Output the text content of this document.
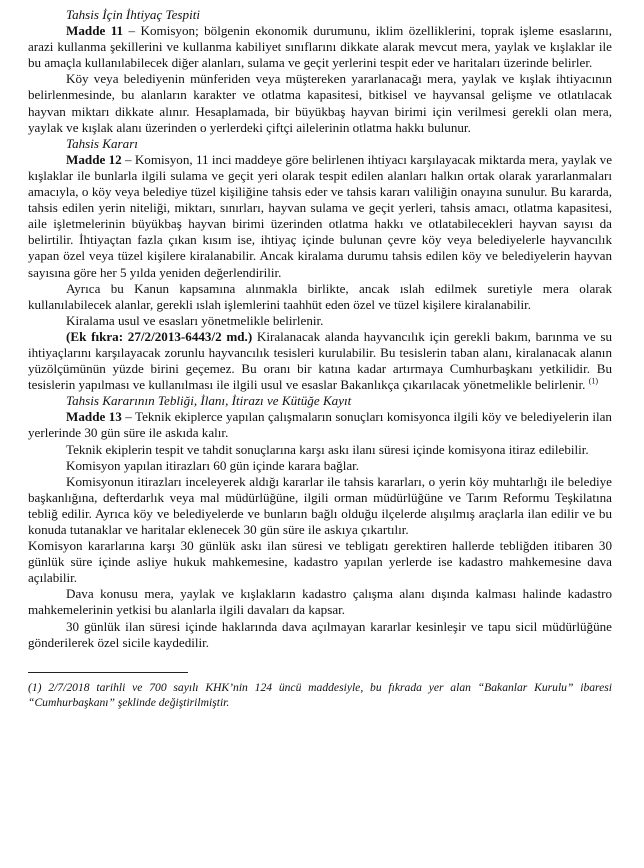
Tahsis İçin İhtiyaç Tespiti

Madde 11 – Komisyon; bölgenin ekonomik durumunu, iklim özelliklerini, toprak işleme esaslarını, arazi kullanma şekillerini ve kullanma kabiliyet sınıflarını dikkate alarak mevcut mera, yaylak ve kışlaklar ile bu amaçla kullanılabilecek diğer alanları, sulama ve geçit yerlerini tespit eder ve haritaları üzerinde belirler.

Köy veya belediyenin münferiden veya müştereken yararlanacağı mera, yaylak ve kışlak ihtiyacının belirlenmesinde, bu alanların karakter ve otlatma kapasitesi, bitkisel ve hayvansal gelişme ve otlatılacak hayvan miktarı dikkate alınır. Hesaplamada, bir büyükbaş hayvan birimi için verilmesi gerekli olan mera, yaylak ve kışlak alanı üzerinden o yerlerdeki çiftçi ailelerinin otlatma hakkı bulunur.

Tahsis Kararı

Madde 12 – Komisyon, 11 inci maddeye göre belirlenen ihtiyacı karşılayacak miktarda mera, yaylak ve kışlaklar ile bunlarla ilgili sulama ve geçit yeri olarak tespit edilen alanları halkın ortak olarak yararlanmaları amacıyla, o köy veya belediye tüzel kişiliğine tahsis eder ve tahsis kararı valiliğin onayına sunulur. Bu kararda, tahsis edilen yerin niteliği, miktarı, sınırları, hayvan sulama ve geçit yerleri, tahsis amacı, otlatma kapasitesi, aile işletmelerinin büyükbaş hayvan birimi üzerinden otlatma hakkı ve otlatabilecekleri hayvan sayısı da belirtilir. İhtiyaçtan fazla çıkan kısım ise, ihtiyaç içinde bulunan çevre köy veya belediyelerle hayvancılık yapan özel veya tüzel kişilere kiralanabilir. Ancak kiralama durumu tahsis edilen köy ve belediyelerin hayvan sayısına göre her 5 yılda yeniden değerlendirilir.

Ayrıca bu Kanun kapsamına alınmakla birlikte, ancak ıslah edilmek suretiyle mera olarak kullanılabilecek alanlar, gerekli ıslah işlemlerini taahhüt eden özel ve tüzel kişilere kiralanabilir.

Kiralama usul ve esasları yönetmelikle belirlenir.

(Ek fıkra: 27/2/2013-6443/2 md.) Kiralanacak alanda hayvancılık için gerekli bakım, barınma ve su ihtiyaçlarını karşılayacak zorunlu hayvancılık tesisleri kurulabilir. Bu tesislerin taban alanı, kiralanacak alanın yüzölçümünün yüzde birini geçemez. Bu oranı bir katına kadar artırmaya Cumhurbaşkanı yetkilidir. Bu tesislerin yapılması ve kullanılması ile ilgili usul ve esaslar Bakanlıkça çıkarılacak yönetmelikle belirlenir. $^{(1)}$

Tahsis Kararının Tebliği, İlanı, İtirazı ve Kütüğe Kayıt

Madde 13 – Teknik ekiplerce yapılan çalışmaların sonuçları komisyonca ilgili köy ve belediyelerin ilan yerlerinde 30 gün süre ile askıda kalır.

Teknik ekiplerin tespit ve tahdit sonuçlarına karşı askı ilanı süresi içinde komisyona itiraz edilebilir.

Komisyon yapılan itirazları 60 gün içinde karara bağlar.

Komisyonun itirazları inceleyerek aldığı kararlar ile tahsis kararları, o yerin köy muhtarlığı ile belediye başkanlığına, defterdarlık veya mal müdürlüğüne, ilgili orman müdürlüğüne ve Tarım Reformu Teşkilatına tebliğ edilir. Ayrıca köy ve belediyelerde ve bunların bağlı olduğu ilçelerde alışılmış araçlarla ilan edilir ve bu konuda tutanaklar ve haritalar eklenecek 30 gün süre ile askıya çıkartılır.

Komisyon kararlarına karşı 30 günlük askı ilan süresi ve tebligatı gerektiren hallerde tebliğden itibaren 30 günlük süre içinde asliye hukuk mahkemesine, kadastro yapılan yerlerde ise kadastro mahkemesine dava açılabilir.

Dava konusu mera, yaylak ve kışlakların kadastro çalışma alanı dışında kalması halinde kadastro mahkemelerinin yetkisi bu alanlarla ilgili davaları da kapsar.

30 günlük ilan süresi içinde haklarında dava açılmayan kararlar kesinleşir ve tapu sicil müdürlüğüne gönderilerek özel sicile kaydedilir.

(1) 2/7/2018 tarihli ve 700 sayılı KHK’nin 124 üncü maddesiyle, bu fıkrada yer alan “Bakanlar Kurulu” ibaresi “Cumhurbaşkanı” şeklinde değiştirilmiştir.
